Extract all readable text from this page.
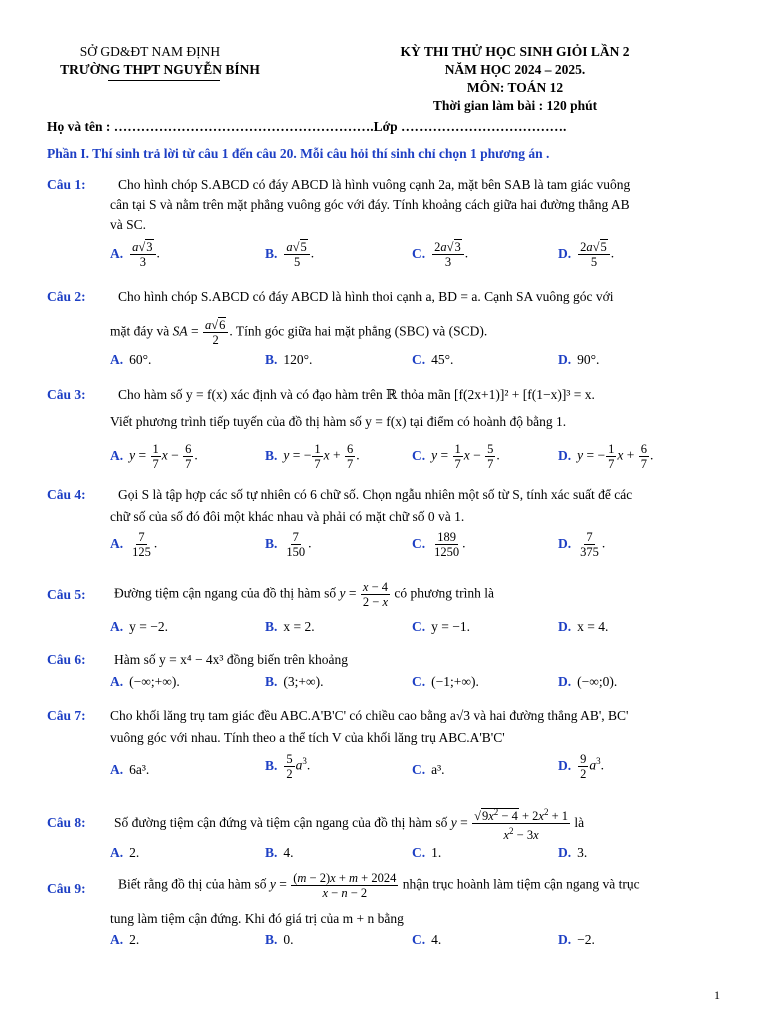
SỞ GD&ĐT NAM ĐỊNH
TRƯỜNG THPT NGUYỄN BÍNH
KỲ THI THỬ HỌC SINH GIỎI LẦN 2
NĂM HỌC 2024 – 2025.
MÔN: TOÁN 12
Thời gian làm bài : 120 phút
Họ và tên : ………………………………………………….Lớp ……………………………….
Phần I. Thí sinh trả lời từ câu 1 đến câu 20. Mỗi câu hỏi thí sinh chỉ chọn 1 phương án .
Câu 1: Cho hình chóp S.ABCD có đáy ABCD là hình vuông cạnh 2a, mặt bên SAB là tam giác vuông
cân tại S và nằm trên mặt phẳng vuông góc với đáy. Tính khoảng cách giữa hai đường thẳng AB
và SC.
A. $\frac{a√3}{3}$ .	B. $\frac{a√5}{5}$ .	C. $\frac{2a√3}{3}$ .	D. $\frac{2a√5}{5}$ .
Câu 2: Cho hình chóp S.ABCD có đáy ABCD là hình thoi cạnh a, BD = a. Cạnh SA vuông góc với
mặt đáy và SA = $\frac{a√6}{2}$ . Tính góc giữa hai mặt phẳng (SBC) và (SCD).
A. 60°.	B. 120°.	C. 45°.	D. 90°.
Câu 3: Cho hàm số y = f(x) xác định và có đạo hàm trên ℝ thỏa mãn [f(2x+1)]² + [f(1−x)]³ = x.
Viết phương trình tiếp tuyến của đồ thị hàm số y = f(x) tại điểm có hoành độ bằng 1.
A. $y = \frac{1}{7}$ $x - \frac{6}{7}$ .	B. y = − $\frac{1}{7}$ $x + \frac{6}{7}$ .	C. $y = \frac{1}{7}$ $x - \frac{5}{7}$ .	D. y = − $\frac{1}{7}$ $x + \frac{6}{7}$ .
Câu 4: Gọi S là tập hợp các số tự nhiên có 6 chữ số. Chọn ngẫu nhiên một số từ S, tính xác suất để các
chữ số của số đó đôi một khác nhau và phải có mặt chữ số 0 và 1.
A. $\frac{7}{125}$ .	B. $\frac{7}{150}$ .	C. $\frac{189}{1250}$ .	D. $\frac{7}{375}$ .
Câu 5: Đường tiệm cận ngang của đồ thị hàm số $y = \frac{x - 4}{2 - x}$ có phương trình là
A. y = −2.	B. x = 2.	C. y = −1.	D. x = 4.
Câu 6: Hàm số y = x⁴ − 4x³ đồng biến trên khoảng
A. (−∞;+∞).	B. (3;+∞).	C. (−1;+∞).	D. (−∞;0).
Câu 7: Cho khối lăng trụ tam giác đều ABC.A'B'C' có chiều cao bằng a√3 và hai đường thẳng AB', BC'
vuông góc với nhau. Tính theo a thể tích V của khối lăng trụ ABC.A'B'C'
A. 6a³.	B. $\frac{5}{2} a^3$.	C. a³.	D. $\frac{9}{2} a^3$.
Câu 8: Số đường tiệm cận đứng và tiệm cận ngang của đồ thị hàm số $y = \frac{√9x^2 - 4 + 2x^2 + 1}{x^2 - 3x}$ là
A. 2.	B. 4.	C. 1.	D. 3.
Câu 9: Biết rằng đồ thị của hàm số $y = \frac{(m - 2)x + m + 2024}{x - n - 2}$ nhận trục hoành làm tiệm cận ngang và trục
tung làm tiệm cận đứng. Khi đó giá trị của m + n bằng
A. 2.	B. 0.	C. 4.	D. −2.
1
